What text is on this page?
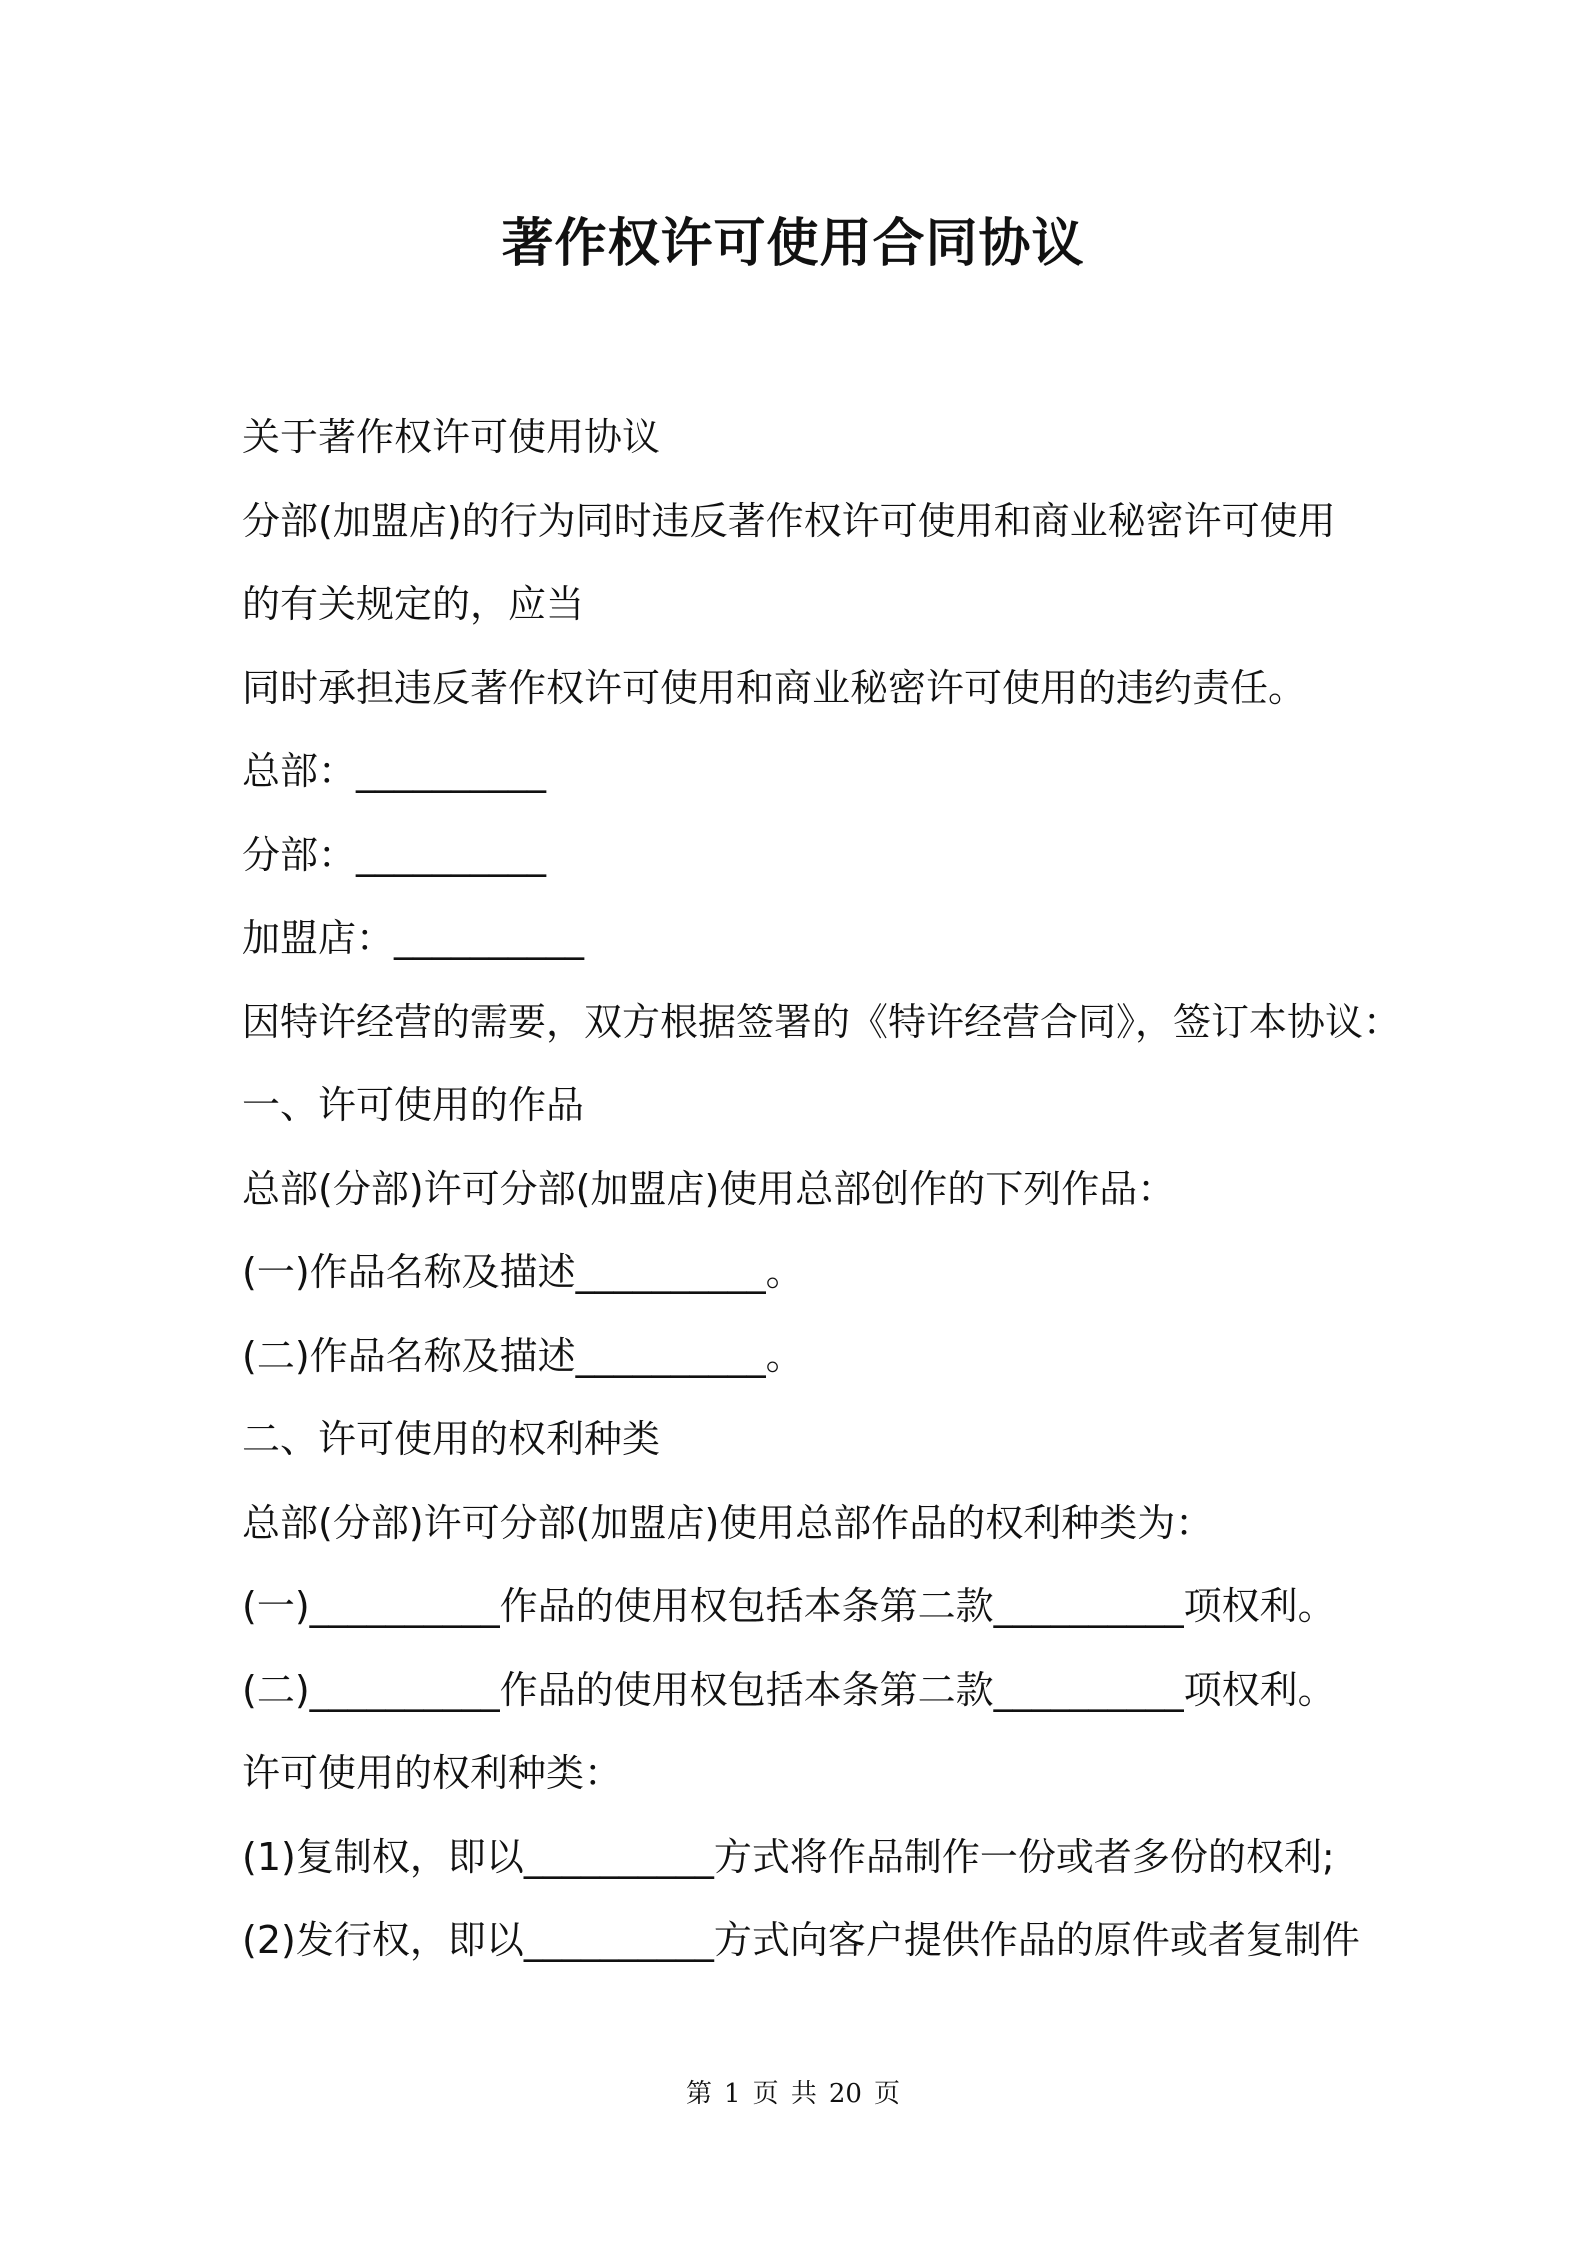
著作权许可使用合同协议
关于著作权许可使用协议
分部(加盟店)的行为同时违反著作权许可使用和商业秘密许可使用
的有关规定的，应当
同时承担违反著作权许可使用和商业秘密许可使用的违约责任。
总部：__________
分部：__________
加盟店：__________
因特许经营的需要，双方根据签署的《特许经营合同》，签订本协议：
一、许可使用的作品
总部(分部)许可分部(加盟店)使用总部创作的下列作品：
(一)作品名称及描述__________。
(二)作品名称及描述__________。
二、许可使用的权利种类
总部(分部)许可分部(加盟店)使用总部作品的权利种类为：
(一)__________作品的使用权包括本条第二款__________项权利。
(二)__________作品的使用权包括本条第二款__________项权利。
许可使用的权利种类：
(1)复制权，即以__________方式将作品制作一份或者多份的权利;
(2)发行权，即以__________方式向客户提供作品的原件或者复制件
第 1 页 共 20 页
